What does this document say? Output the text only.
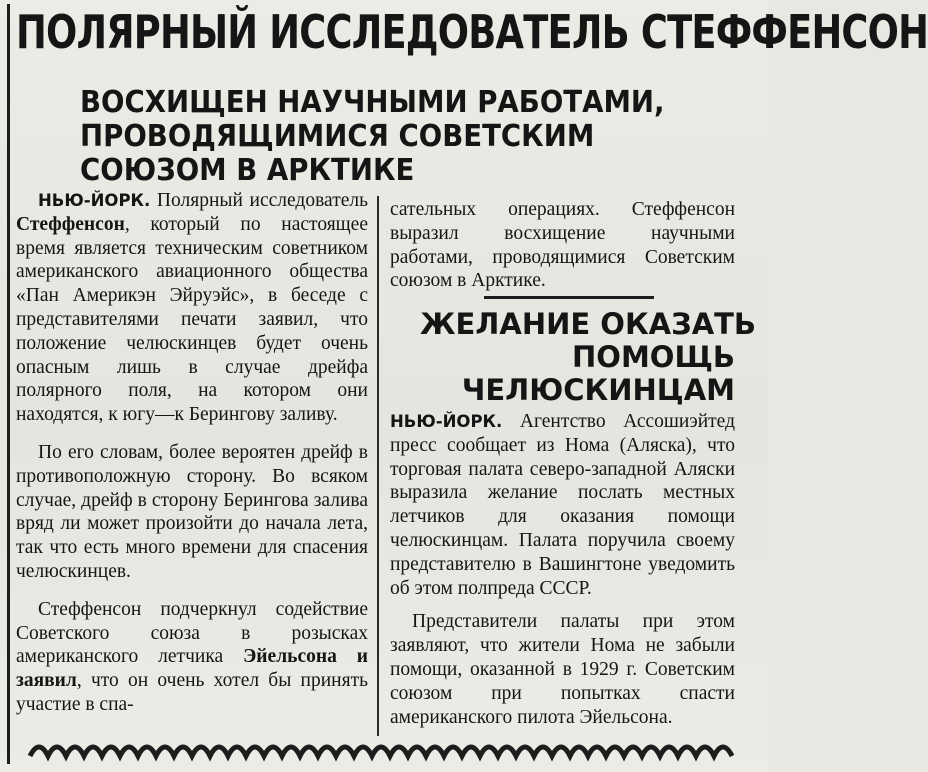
ПОЛЯРНЫЙ ИССЛЕДОВАТЕЛЬ СТЕФФЕНСОН
ВОСХИЩЕН НАУЧНЫМИ РАБОТАМИ,
ПРОВОДЯЩИМИСЯ СОВЕТСКИМ
СОЮЗОМ В АРКТИКЕ

НЬЮ-ЙОРК. Полярный исследователь Стеффенсон, который по настоящее время является техническим советником американского авиационного общества «Пан Америкэн Эйруэйс», в беседе с представителями печати заявил, что положение челюскинцев будет очень опасным лишь в случае дрейфа полярного поля, на котором они находятся, к югу—к Берингову заливу.

По его словам, более вероятен дрейф в противоположную сторону. Во всяком случае, дрейф в сторону Берингова залива вряд ли может произойти до начала лета, так что есть много времени для спасения челюскинцев.

Стеффенсон подчеркнул содействие Советского союза в розысках американского летчика Эйельсона и заявил, что он очень хотел бы принять участие в спа-

сательных операциях. Стеффенсон выразил восхищение научными работами, проводящимися Советским союзом в Арктике.

ЖЕЛАНИЕ ОКАЗАТЬ
ПОМОЩЬ
ЧЕЛЮСКИНЦАМ

НЬЮ-ЙОРК. Агентство Ассошиэйтед пресс сообщает из Нома (Аляска), что торговая палата северо-западной Аляски выразила желание послать местных летчиков для оказания помощи челюскинцам. Палата поручила своему представителю в Вашингтоне уведомить об этом полпреда СССР.

Представители палаты при этом заявляют, что жители Нома не забыли помощи, оказанной в 1929 г. Советским союзом при попытках спасти американского пилота Эйельсона.
